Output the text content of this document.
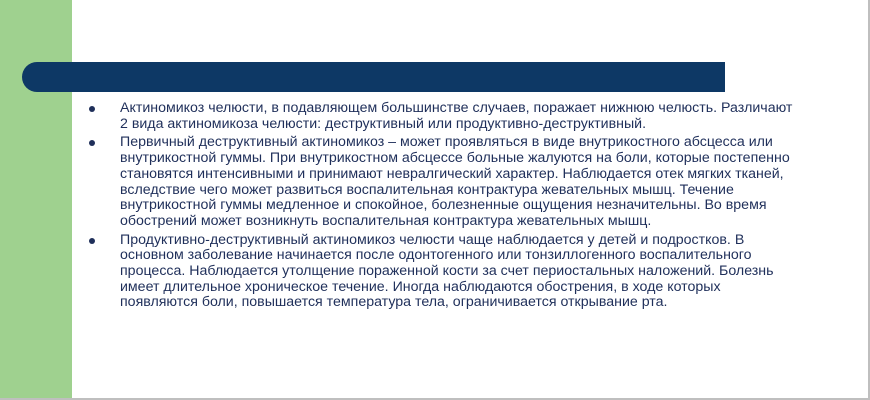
Актиномикоз челюсти, в подавляющем большинстве случаев, поражает нижнюю челюсть. Различают 2 вида актиномикоза челюсти: деструктивный или продуктивно-деструктивный.
Первичный деструктивный актиномикоз – может проявляться в виде внутрикостного абсцесса или внутрикостной гуммы. При внутрикостном абсцессе больные жалуются на боли, которые постепенно становятся интенсивными и принимают невралгический характер. Наблюдается отек мягких тканей, вследствие чего может развиться воспалительная контрактура жевательных мышц. Течение внутрикостной гуммы медленное и спокойное, болезненные ощущения незначительны. Во время обострений может возникнуть воспалительная контрактура жевательных мышц.
Продуктивно-деструктивный актиномикоз челюсти чаще наблюдается у детей и подростков. В основном заболевание начинается после одонтогенного или тонзиллогенного воспалительного процесса. Наблюдается утолщение пораженной кости за счет периостальных наложений. Болезнь имеет длительное хроническое течение. Иногда наблюдаются обострения, в ходе которых появляются боли, повышается температура тела, ограничивается открывание рта.
